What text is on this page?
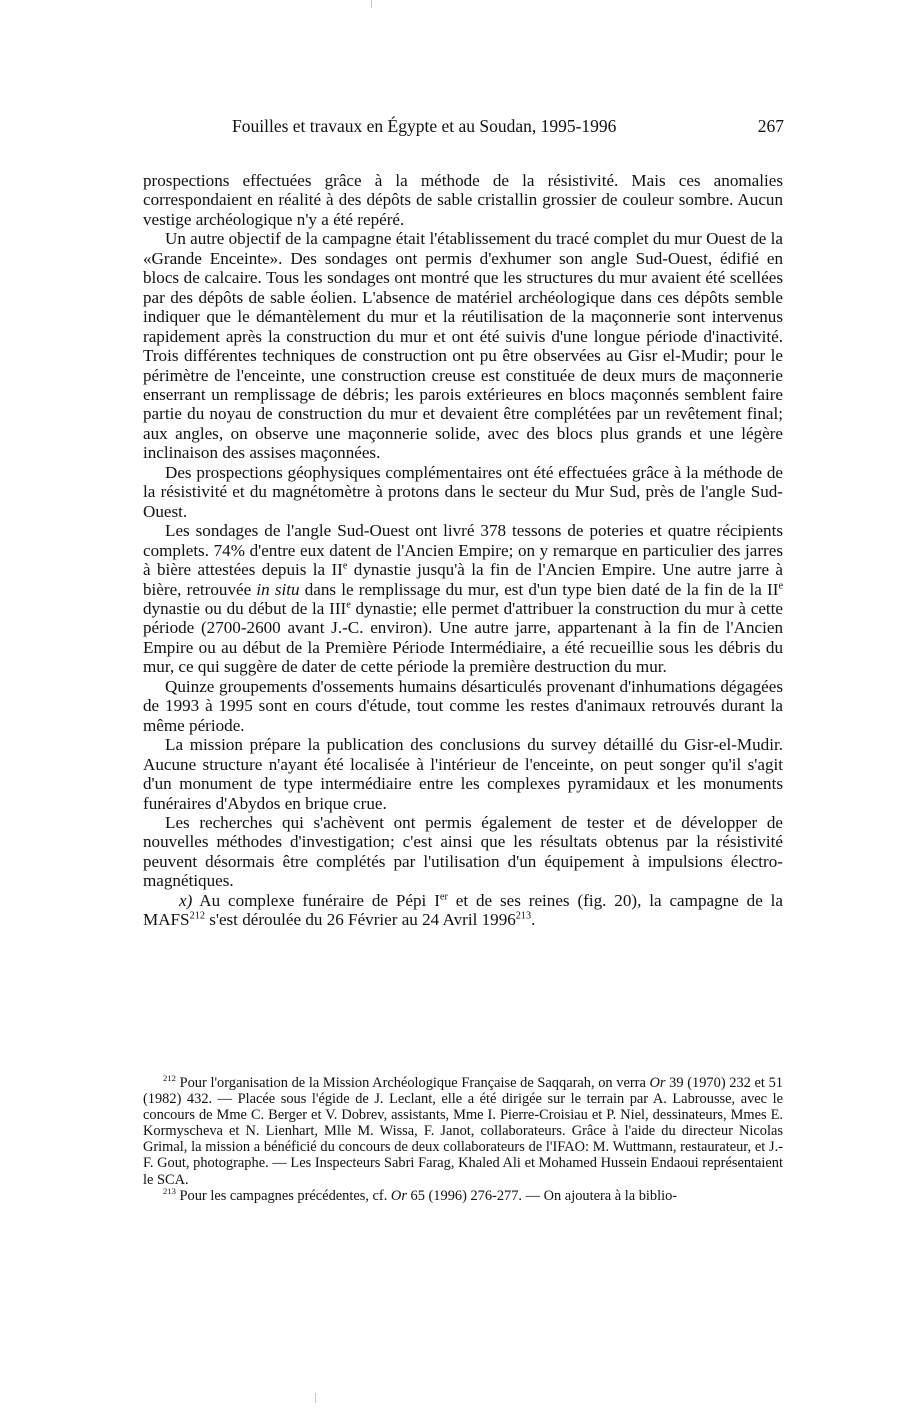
Fouilles et travaux en Égypte et au Soudan, 1995-1996	267

prospections effectuées grâce à la méthode de la résistivité. Mais ces anomalies correspondaient en réalité à des dépôts de sable cristallin grossier de couleur sombre. Aucun vestige archéologique n'y a été repéré.

Un autre objectif de la campagne était l'établissement du tracé complet du mur Ouest de la «Grande Enceinte». Des sondages ont permis d'exhumer son angle Sud-Ouest, édifié en blocs de calcaire. Tous les sondages ont montré que les structures du mur avaient été scellées par des dépôts de sable éolien. L'absence de matériel archéologique dans ces dépôts semble indiquer que le démantèlement du mur et la réutilisation de la maçonnerie sont intervenus rapidement après la construction du mur et ont été suivis d'une longue période d'inactivité. Trois différentes techniques de construction ont pu être observées au Gisr el-Mudir; pour le périmètre de l'enceinte, une construction creuse est constituée de deux murs de maçonnerie enserrant un remplissage de débris; les parois extérieures en blocs maçonnés semblent faire partie du noyau de construction du mur et devaient être complétées par un revêtement final; aux angles, on observe une maçonnerie solide, avec des blocs plus grands et une légère inclinaison des assises maçonnées.

Des prospections géophysiques complémentaires ont été effectuées grâce à la méthode de la résistivité et du magnétomètre à protons dans le secteur du Mur Sud, près de l'angle Sud-Ouest.

Les sondages de l'angle Sud-Ouest ont livré 378 tessons de poteries et quatre récipients complets. 74% d'entre eux datent de l'Ancien Empire; on y remarque en particulier des jarres à bière attestées depuis la IIe dynastie jusqu'à la fin de l'Ancien Empire. Une autre jarre à bière, retrouvée in situ dans le remplissage du mur, est d'un type bien daté de la fin de la IIe dynastie ou du début de la IIIe dynastie; elle permet d'attribuer la construction du mur à cette période (2700-2600 avant J.-C. environ). Une autre jarre, appartenant à la fin de l'Ancien Empire ou au début de la Première Période Intermédiaire, a été recueillie sous les débris du mur, ce qui suggère de dater de cette période la première destruction du mur.

Quinze groupements d'ossements humains désarticulés provenant d'inhumations dégagées de 1993 à 1995 sont en cours d'étude, tout comme les restes d'animaux retrouvés durant la même période.

La mission prépare la publication des conclusions du survey détaillé du Gisr-el-Mudir. Aucune structure n'ayant été localisée à l'intérieur de l'enceinte, on peut songer qu'il s'agit d'un monument de type intermédiaire entre les complexes pyramidaux et les monuments funéraires d'Abydos en brique crue.

Les recherches qui s'achèvent ont permis également de tester et de développer de nouvelles méthodes d'investigation; c'est ainsi que les résultats obtenus par la résistivité peuvent désormais être complétés par l'utilisation d'un équipement à impulsions électro-magnétiques.

x) Au complexe funéraire de Pépi Ier et de ses reines (fig. 20), la campagne de la MAFS$^{212}$ s'est déroulée du 26 Février au 24 Avril 1996$^{213}$.

$^{212}$ Pour l'organisation de la Mission Archéologique Française de Saqqarah, on verra Or 39 (1970) 232 et 51 (1982) 432. — Placée sous l'égide de J. Leclant, elle a été dirigée sur le terrain par A. Labrousse, avec le concours de Mme C. Berger et V. Dobrev, assistants, Mme I. Pierre-Croisiau et P. Niel, dessinateurs, Mmes E. Kormyscheva et N. Lienhart, Mlle M. Wissa, F. Janot, collaborateurs. Grâce à l'aide du directeur Nicolas Grimal, la mission a bénéficié du concours de deux collaborateurs de l'IFAO: M. Wuttmann, restaurateur, et J.-F. Gout, photographe. — Les Inspecteurs Sabri Farag, Khaled Ali et Mohamed Hussein Endaoui représentaient le SCA.

$^{213}$ Pour les campagnes précédentes, cf. Or 65 (1996) 276-277. — On ajoutera à la biblio-
